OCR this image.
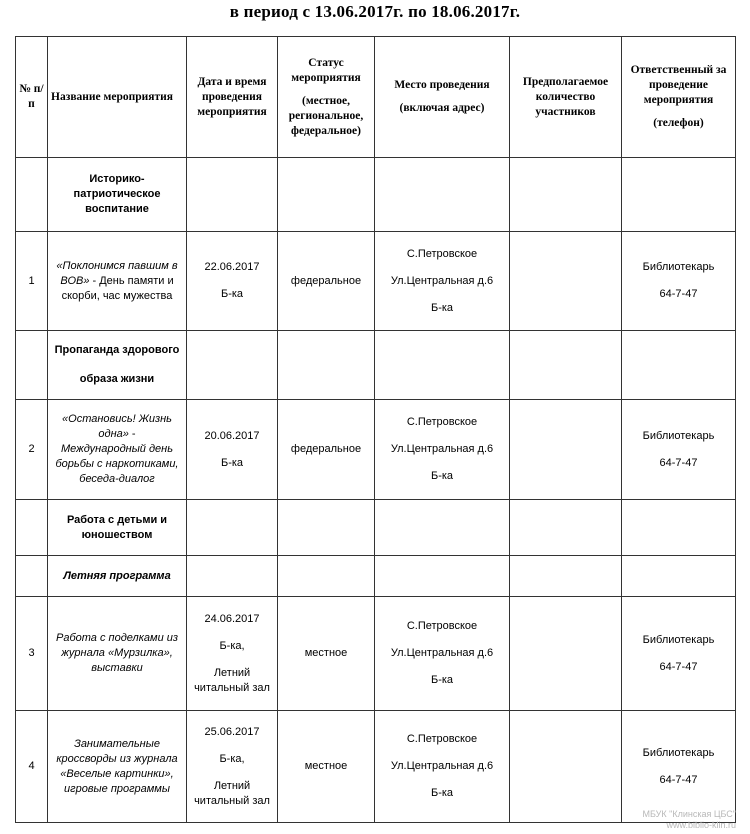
в период с 13.06.2017г. по 18.06.2017г.
№ п/
п	Название мероприятия	Дата и время
проведения
мероприятия	Статус
мероприятия
(местное,
региональное,
федеральное)	Место проведения
(включая адрес)	Предполагаемое
количество
участников	Ответственный за
проведение
мероприятия
(телефон)

	Историко-
патриотическое
воспитание					

1	«Поклонимся павшим в
ВОВ» - День памяти и
скорби, час мужества	22.06.2017
Б-ка	федеральное	С.Петровское
Ул.Центральная д.6
Б-ка		Библиотекарь
64-7-47

	Пропаганда здорового
образа жизни					

2	«Остановись! Жизнь
одна» -
Международный день
борьбы с наркотиками,
беседа-диалог	20.06.2017
Б-ка	федеральное	С.Петровское
Ул.Центральная д.6
Б-ка		Библиотекарь
64-7-47

	Работа с детьми и
юношеством					

	Летняя программа					
3	Работа с поделками из
журнала «Мурзилка»,
выставки	24.06.2017
Б-ка,
Летний
читальный зал	местное	С.Петровское
Ул.Центральная д.6
Б-ка		Библиотекарь
64-7-47

4	Занимательные
кроссворды из журнала
«Веселые картинки»,
игровые программы	25.06.2017
Б-ка,
Летний
читальный зал	местное	С.Петровское
Ул.Центральная д.6
Б-ка		Библиотекарь
64-7-47
МБУК "Клинская ЦБС"
www.biblio-klin.ru
